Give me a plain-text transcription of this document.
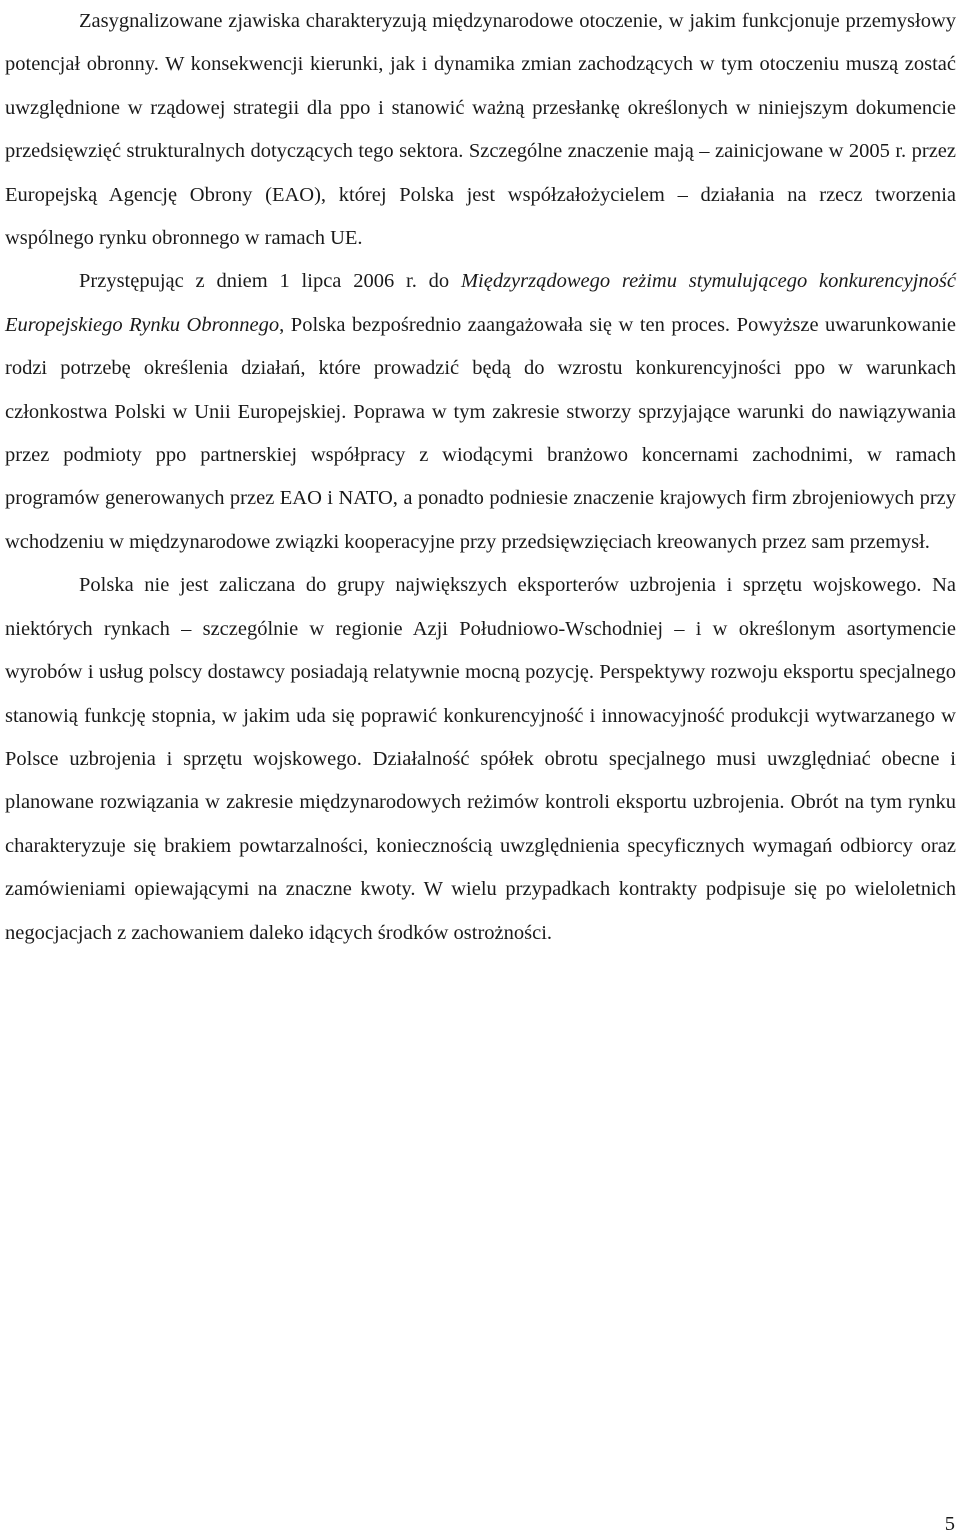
Zasygnalizowane zjawiska charakteryzują międzynarodowe otoczenie, w jakim funkcjonuje przemysłowy potencjał obronny. W konsekwencji kierunki, jak i dynamika zmian zachodzących w tym otoczeniu muszą zostać uwzględnione w rządowej strategii dla ppo i stanowić ważną przesłankę określonych w niniejszym dokumencie przedsięwzięć strukturalnych dotyczących tego sektora. Szczególne znaczenie mają – zainicjowane w 2005 r. przez Europejską Agencję Obrony (EAO), której Polska jest współzałożycielem – działania na rzecz tworzenia wspólnego rynku obronnego w ramach UE.

Przystępując z dniem 1 lipca 2006 r. do Międzyrządowego reżimu stymulującego konkurencyjność Europejskiego Rynku Obronnego, Polska bezpośrednio zaangażowała się w ten proces. Powyższe uwarunkowanie rodzi potrzebę określenia działań, które prowadzić będą do wzrostu konkurencyjności ppo w warunkach członkostwa Polski w Unii Europejskiej. Poprawa w tym zakresie stworzy sprzyjające warunki do nawiązywania przez podmioty ppo partnerskiej współpracy z wiodącymi branżowo koncernami zachodnimi, w ramach programów generowanych przez EAO i NATO, a ponadto podniesie znaczenie krajowych firm zbrojeniowych przy wchodzeniu w międzynarodowe związki kooperacyjne przy przedsięwzięciach kreowanych przez sam przemysł.

Polska nie jest zaliczana do grupy największych eksporterów uzbrojenia i sprzętu wojskowego. Na niektórych rynkach – szczególnie w regionie Azji Południowo-Wschodniej – i w określonym asortymencie wyrobów i usług polscy dostawcy posiadają relatywnie mocną pozycję. Perspektywy rozwoju eksportu specjalnego stanowią funkcję stopnia, w jakim uda się poprawić konkurencyjność i innowacyjność produkcji wytwarzanego w Polsce uzbrojenia i sprzętu wojskowego. Działalność spółek obrotu specjalnego musi uwzględniać obecne i planowane rozwiązania w zakresie międzynarodowych reżimów kontroli eksportu uzbrojenia. Obrót na tym rynku charakteryzuje się brakiem powtarzalności, koniecznością uwzględnienia specyficznych wymagań odbiorcy oraz zamówieniami opiewającymi na znaczne kwoty. W wielu przypadkach kontrakty podpisuje się po wieloletnich negocjacjach z zachowaniem daleko idących środków ostrożności.

5
